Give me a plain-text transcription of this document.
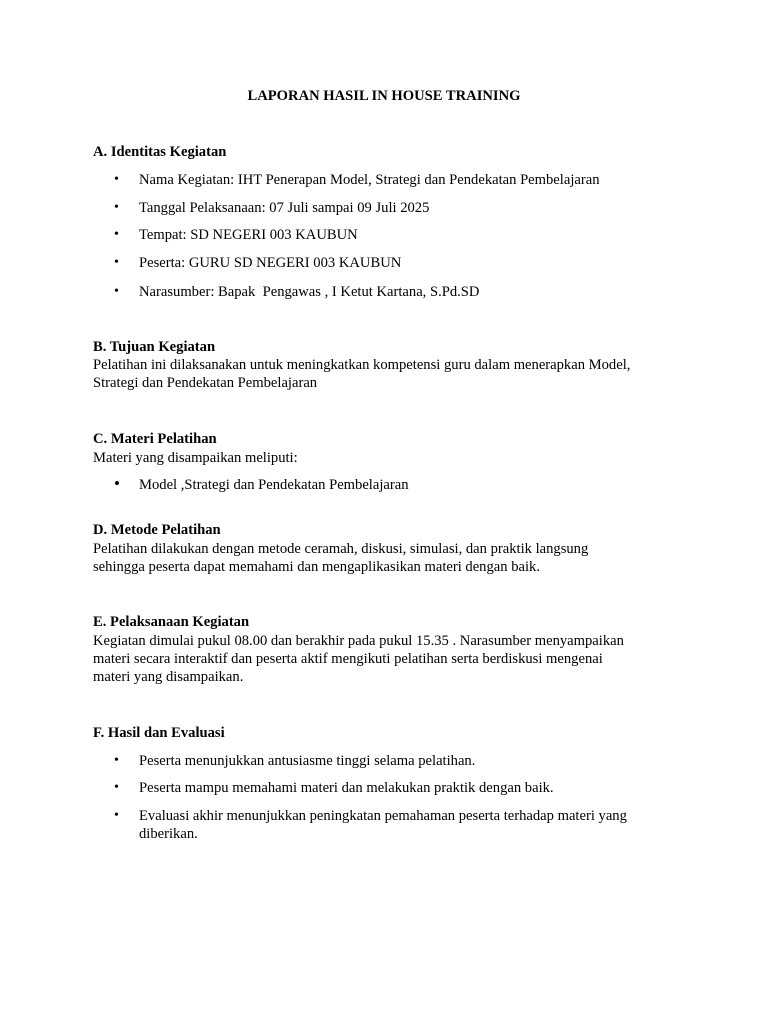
LAPORAN HASIL IN HOUSE TRAINING
A. Identitas Kegiatan
• Nama Kegiatan: IHT Penerapan Model, Strategi dan Pendekatan Pembelajaran
• Tanggal Pelaksanaan: 07 Juli sampai 09 Juli 2025
• Tempat: SD NEGERI 003 KAUBUN
• Peserta: GURU SD NEGERI 003 KAUBUN
• Narasumber: Bapak  Pengawas , I Ketut Kartana, S.Pd.SD
B. Tujuan Kegiatan
Pelatihan ini dilaksanakan untuk meningkatkan kompetensi guru dalam menerapkan Model,
Strategi dan Pendekatan Pembelajaran
C. Materi Pelatihan
Materi yang disampaikan meliputi:
• Model ,Strategi dan Pendekatan Pembelajaran
D. Metode Pelatihan
Pelatihan dilakukan dengan metode ceramah, diskusi, simulasi, dan praktik langsung
sehingga peserta dapat memahami dan mengaplikasikan materi dengan baik.
E. Pelaksanaan Kegiatan
Kegiatan dimulai pukul 08.00 dan berakhir pada pukul 15.35 . Narasumber menyampaikan
materi secara interaktif dan peserta aktif mengikuti pelatihan serta berdiskusi mengenai
materi yang disampaikan.
F. Hasil dan Evaluasi
• Peserta menunjukkan antusiasme tinggi selama pelatihan.
• Peserta mampu memahami materi dan melakukan praktik dengan baik.
• Evaluasi akhir menunjukkan peningkatan pemahaman peserta terhadap materi yang
diberikan.
